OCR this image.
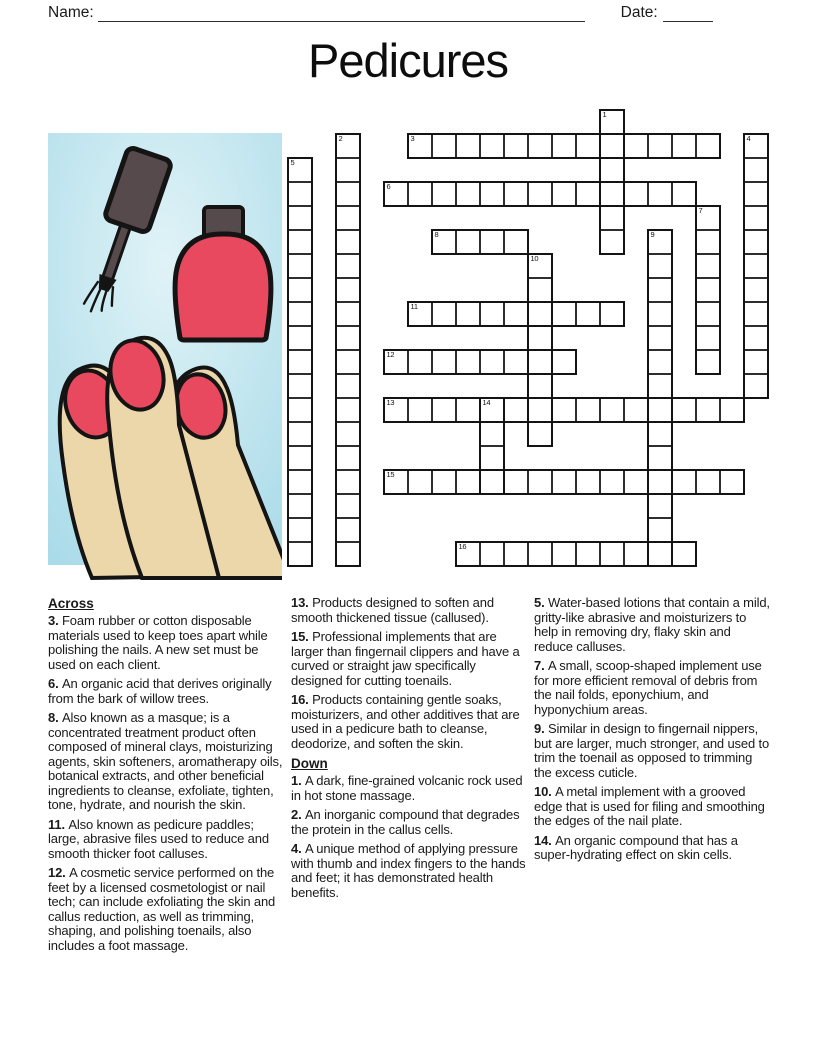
Name:	Date:
Pedicures
1
2	3	4
5
6
7
8	9
10
11
12
13	14
15
16
Across

3. Foam rubber or cotton disposable materials used to keep toes apart while polishing the nails. A new set must be used on each client.

6. An organic acid that derives originally from the bark of willow trees.

8. Also known as a masque; is a concentrated treatment product often composed of mineral clays, moisturizing agents, skin softeners, aromatherapy oils, botanical extracts, and other beneficial ingredients to cleanse, exfoliate, tighten, tone, hydrate, and nourish the skin.

11. Also known as pedicure paddles; large, abrasive files used to reduce and smooth thicker foot calluses.

12. A cosmetic service performed on the feet by a licensed cosmetologist or nail tech; can include exfoliating the skin and callus reduction, as well as trimming, shaping, and polishing toenails, also includes a foot massage.

13. Products designed to soften and smooth thickened tissue (callused).

15. Professional implements that are larger than fingernail clippers and have a curved or straight jaw specifically designed for cutting toenails.

16. Products containing gentle soaks, moisturizers, and other additives that are used in a pedicure bath to cleanse, deodorize, and soften the skin.

Down

1. A dark, fine-grained volcanic rock used in hot stone massage.

2. An inorganic compound that degrades the protein in the callus cells.

4. A unique method of applying pressure with thumb and index fingers to the hands and feet; it has demonstrated health benefits.

5. Water-based lotions that contain a mild, gritty-like abrasive and moisturizers to help in removing dry, flaky skin and reduce calluses.

7. A small, scoop-shaped implement use for more efficient removal of debris from the nail folds, eponychium, and hyponychium areas.

9. Similar in design to fingernail nippers, but are larger, much stronger, and used to trim the toenail as opposed to trimming the excess cuticle.

10. A metal implement with a grooved edge that is used for filing and smoothing the edges of the nail plate.

14. An organic compound that has a super-hydrating effect on skin cells.
